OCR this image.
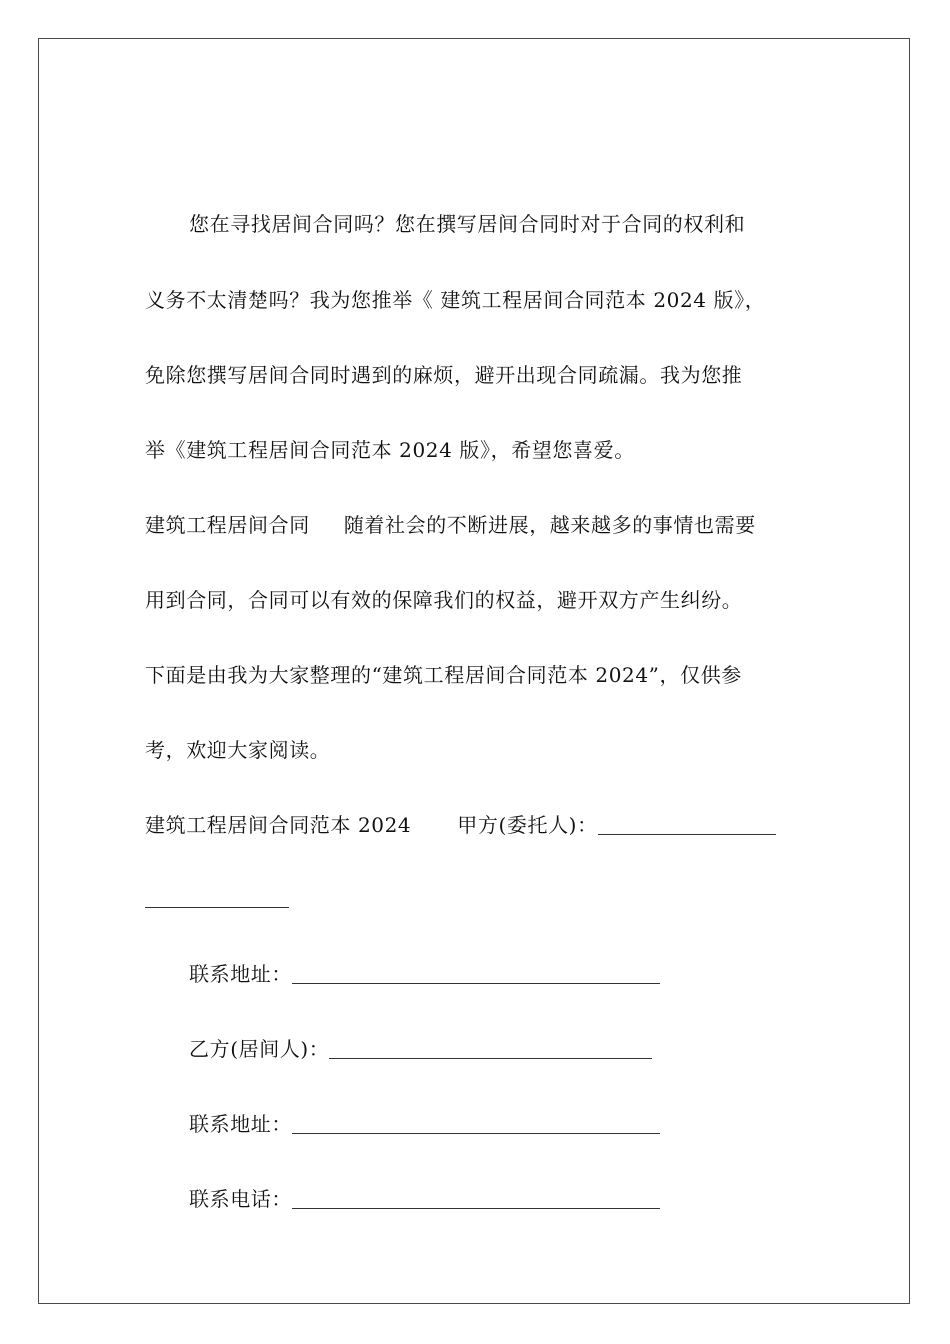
您在寻找居间合同吗？您在撰写居间合同时对于合同的权利和
义务不太清楚吗？我为您推举《 建筑工程居间合同范本 2024 版》，
免除您撰写居间合同时遇到的麻烦，避开出现合同疏漏。我为您推
举《建筑工程居间合同范本 2024 版》，希望您喜爱。
建筑工程居间合同 随着社会的不断进展，越来越多的事情也需要
用到合同，合同可以有效的保障我们的权益，避开双方产生纠纷。
下面是由我为大家整理的“建筑工程居间合同范本 2024”，仅供参
考，欢迎大家阅读。
建筑工程居间合同范本 2024 甲方(委托人)：
联系地址：
乙方(居间人)：
联系地址：
联系电话：
